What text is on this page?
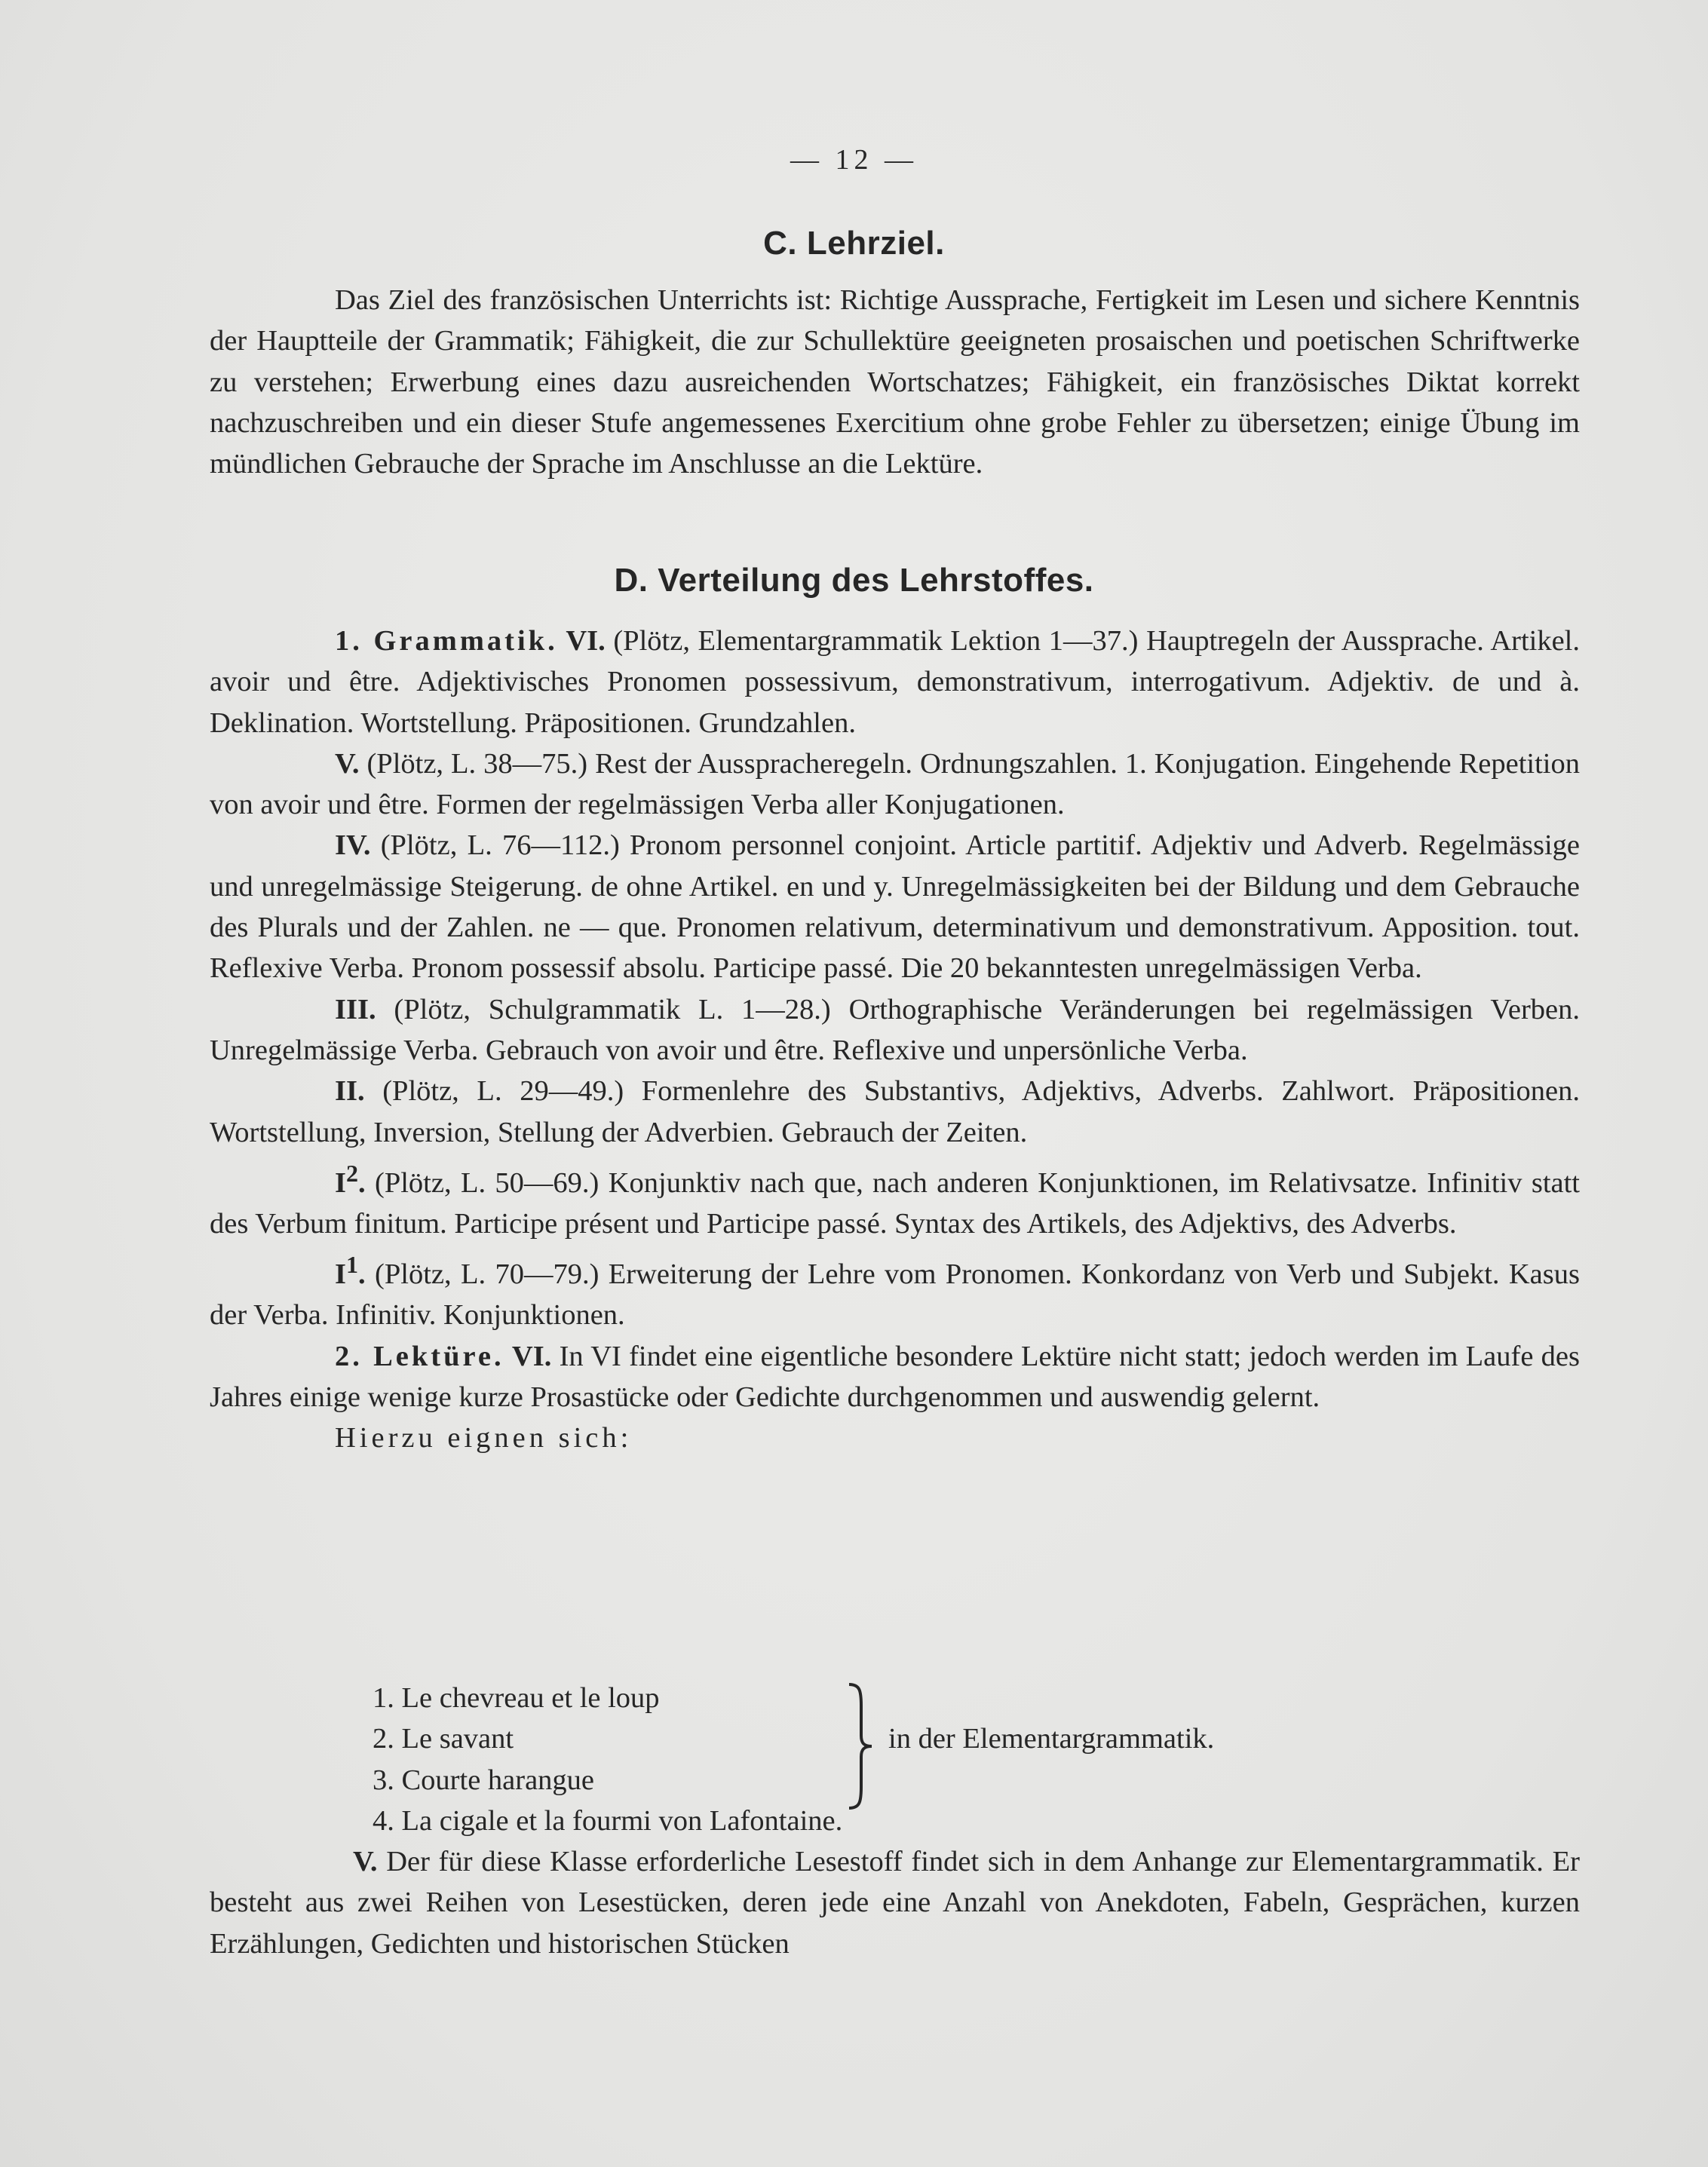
— 12 —
C. Lehrziel.

Das Ziel des französischen Unterrichts ist: Richtige Aussprache, Fertigkeit im Lesen und sichere Kenntnis der Hauptteile der Grammatik; Fähigkeit, die zur Schullektüre geeigneten prosaischen und poetischen Schriftwerke zu verstehen; Erwerbung eines dazu ausreichenden Wortschatzes; Fähigkeit, ein französisches Diktat korrekt nachzuschreiben und ein dieser Stufe angemessenes Exercitium ohne grobe Fehler zu übersetzen; einige Übung im mündlichen Gebrauche der Sprache im Anschlusse an die Lektüre.

D. Verteilung des Lehrstoffes.

1. Grammatik. VI. (Plötz, Elementargrammatik Lektion 1—37.) Hauptregeln der Aussprache. Artikel. avoir und être. Adjektivisches Pronomen possessivum, demonstrativum, interrogativum. Adjektiv. de und à. Deklination. Wortstellung. Präpositionen. Grundzahlen.

V. (Plötz, L. 38—75.) Rest der Ausspracheregeln. Ordnungszahlen. 1. Konjugation. Eingehende Repetition von avoir und être. Formen der regelmässigen Verba aller Konjugationen.

IV. (Plötz, L. 76—112.) Pronom personnel conjoint. Article partitif. Adjektiv und Adverb. Regelmässige und unregelmässige Steigerung. de ohne Artikel. en und y. Unregelmässigkeiten bei der Bildung und dem Gebrauche des Plurals und der Zahlen. ne — que. Pronomen relativum, determinativum und demonstrativum. Apposition. tout. Reflexive Verba. Pronom possessif absolu. Participe passé. Die 20 bekanntesten unregelmässigen Verba.

III. (Plötz, Schulgrammatik L. 1—28.) Orthographische Veränderungen bei regelmässigen Verben. Unregelmässige Verba. Gebrauch von avoir und être. Reflexive und unpersönliche Verba.

II. (Plötz, L. 29—49.) Formenlehre des Substantivs, Adjektivs, Adverbs. Zahlwort. Präpositionen. Wortstellung, Inversion, Stellung der Adverbien. Gebrauch der Zeiten.

$I^2$. (Plötz, L. 50—69.) Konjunktiv nach que, nach anderen Konjunktionen, im Relativsatze. Infinitiv statt des Verbum finitum. Participe présent und Participe passé. Syntax des Artikels, des Adjektivs, des Adverbs.

$I^1$. (Plötz, L. 70—79.) Erweiterung der Lehre vom Pronomen. Konkordanz von Verb und Subjekt. Kasus der Verba. Infinitiv. Konjunktionen.

2. Lektüre. VI. In VI findet eine eigentliche besondere Lektüre nicht statt; jedoch werden im Laufe des Jahres einige wenige kurze Prosastücke oder Gedichte durchgenommen und auswendig gelernt.

Hierzu eignen sich:

1. Le chevreau et le loup
2. Le savant
3. Courte harangue
4. La cigale et la fourmi von Lafontaine.
in der Elementargrammatik.

V. Der für diese Klasse erforderliche Lesestoff findet sich in dem Anhange zur Elementargrammatik. Er besteht aus zwei Reihen von Lesestücken, deren jede eine Anzahl von Anekdoten, Fabeln, Gesprächen, kurzen Erzählungen, Gedichten und historischen Stücken
